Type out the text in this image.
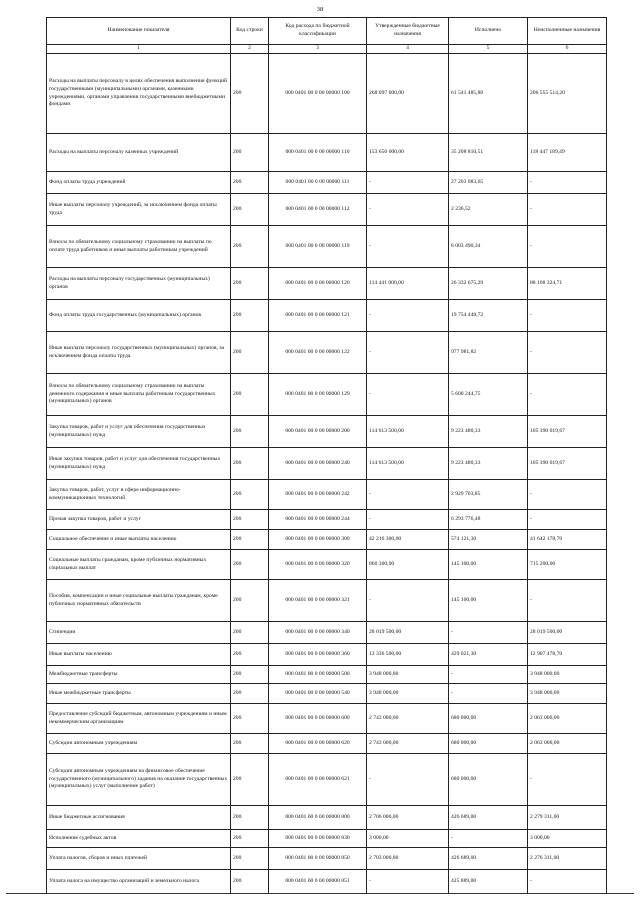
38
Наименование показателя	Код строки	Код расхода по бюджетной классификации	Утвержденные бюджетные назначения	Исполнено	Неисполненные назначения
1	2	3	4	5	6
Расходы на выплаты персоналу в целях обеспечения выполнения функций государственными (муниципальными) органами, казенными учреждениями, органами управления государственными внебюджетными фондами	200	000 0401 00 0 00 00000 100	268 097 000,00	61 541 485,80	206 555 514,20
Расходы на выплаты персоналу казенных учреждений	200	000 0401 00 0 00 00000 110	153 656 000,00	35 208 810,51	118 447 189,49
Фонд оплаты труда учреждений	200	000 0401 00 0 00 00000 111	-	27 203 083,65	-
Иные выплаты персоналу учреждений, за исключением фонда оплаты труда	200	000 0401 00 0 00 00000 112	-	2 236,52	-
Взносы по обязательному социальному страхованию на выплаты по оплате труда работников и иные выплаты работникам учреждений	200	000 0401 00 0 00 00000 119	-	8 003 490,34	-
Расходы на выплаты персоналу государственных (муниципальных) органов	200	000 0401 00 0 00 00000 120	114 441 000,00	26 332 675,29	88 108 324,71
Фонд оплаты труда государственных (муниципальных) органов	200	000 0401 00 0 00 00000 121	-	19 754 448,72	-
Иные выплаты персоналу государственных (муниципальных) органов, за исключением фонда оплаты труда	200	000 0401 00 0 00 00000 122	-	977 981,82	-
Взносы по обязательному социальному страхованию на выплаты денежного содержания и иные выплаты работникам государственных (муниципальных) органов	200	000 0401 00 0 00 00000 129	-	5 600 244,75	-
Закупка товаров, работ и услуг для обеспечения государственных (муниципальных) нужд	200	000 0401 00 0 00 00000 200	114 613 500,00	9 223 480,33	105 390 019,67
Иные закупки товаров, работ и услуг для обеспечения государственных (муниципальных) нужд	200	000 0401 00 0 00 00000 240	114 613 500,00	9 223 480,33	105 390 019,67
Закупка товаров, работ, услуг в сфере информационно-коммуникационных технологий	200	000 0401 00 0 00 00000 242	-	2 929 703,85	-
Прочая закупка товаров, работ и услуг	200	000 0401 00 0 00 00000 244	-	6 293 776,48	-
Социальное обеспечение и иные выплаты населению	200	000 0401 00 0 00 00000 300	42 216 300,00	574 121,30	41 642 178,70
Социальные выплаты гражданам, кроме публичных нормативных социальных выплат	200	000 0401 00 0 00 00000 320	860 300,00	145 100,00	715 200,00
Пособия, компенсации и иные социальные выплаты гражданам, кроме публичных нормативных обязательств	200	000 0401 00 0 00 00000 321	-	145 100,00	-
Стипендии	200	000 0401 00 0 00 00000 340	28 019 500,00	-	28 019 500,00
Иные выплаты населению	200	000 0401 00 0 00 00000 360	13 336 500,00	429 021,30	12 907 478,70
Межбюджетные трансферты	200	000 0401 00 0 00 00000 500	3 948 000,00	-	3 948 000,00
Иные межбюджетные трансферты	200	000 0401 00 0 00 00000 540	3 948 000,00	-	3 948 000,00
Предоставление субсидий бюджетным, автономным учреждениям и иным некоммерческим организациям	200	000 0401 00 0 00 00000 600	2 743 000,00	680 000,00	2 063 000,00
Субсидии автономным учреждениям	200	000 0401 00 0 00 00000 620	2 743 000,00	680 000,00	2 063 000,00
Субсидии автономным учреждениям на финансовое обеспечение государственного (муниципального) задания на оказание государственных (муниципальных) услуг (выполнение работ)	200	000 0401 00 0 00 00000 621	-	680 000,00	-
Иные бюджетные ассигнования	200	000 0401 00 0 00 00000 800	2 706 000,00	426 689,00	2 279 311,00
Исполнение судебных актов	200	000 0401 00 0 00 00000 830	3 000,00	-	3 000,00
Уплата налогов, сборов и иных платежей	200	000 0401 00 0 00 00000 850	2 703 000,00	426 689,00	2 276 311,00
Уплата налога на имущество организаций и земельного налога	200	000 0401 00 0 00 00000 851	-	425 889,00	-
